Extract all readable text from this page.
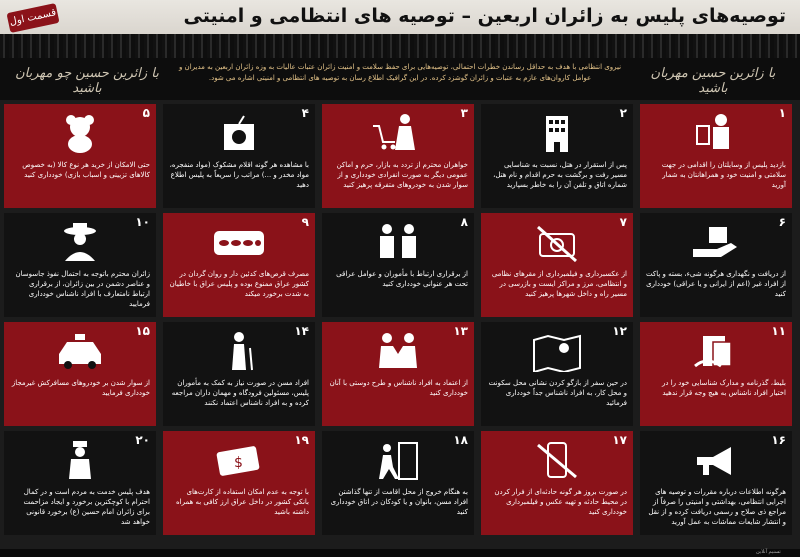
قسمت اول	توصیه‌های پلیس به زائران اربعین – توصیه های انتظامی و امنیتی
با زائرین حسین چو مهربان باشید
نیروی انتظامی با هدف به حداقل رساندن خطرات احتمالی، توصیه‌هایی برای حفظ سلامت و امنیت زائران عتبات عالیات به وزه زائران اربعین به مدیران و عوامل کاروان‌های عازم به عتبات و زائران گوشزد کرده. در این گرافیک اطلاع رسان به توصیه های انتظامی و امنیتی اشاره می شود.	با زائرین حسین مهربان باشید
۱
بازدید پلیس از وسایلتان را اقدامی در جهت سلامتی و امنیت خود و همراهانتان به شمار آورید
۲
پس از استقرار در هتل، نسبت به شناسایی مسیر رفت و برگشت به حرم اقدام و نام هتل، شماره اتاق و تلفن آن را به خاطر بسپارید
۳
خواهران محترم از تردد به بازار، حرم و اماکن عمومی دیگر به صورت انفرادی خودداری و از سوار شدن به خودروهای متفرقه پرهیز کنید
۴
با مشاهده هر گونه اقلام مشکوک (مواد منفجره، مواد مخدر و ...) مراتب را سریعاً به پلیس اطلاع دهید
۵
حتی الامکان از خرید هر نوع کالا (به خصوص کالاهای تزیینی و اسباب بازی) خودداری کنید
۱۰
زائران محترم باتوجه به احتمال نفوذ جاسوسان و عناصر دشمن در بین زائران، از برقراری ارتباط نامتعارف با افراد ناشناس خودداری فرمایید
۹
مصرف قرص‌های کدئین دار و روان گردان در کشور عراق ممنوع بوده و پلیس عراق با خاطیان به شدت برخورد میکند
۸
از برقراری ارتباط با مأموران و عوامل عراقی تحت هر عنوانی خودداری کنید
۷
از عکسبرداری و فیلمبرداری از مقرهای نظامی و انتظامی، مرز و مراکز ایست و بازرسی در مسیر راه و داخل شهرها پرهیز کنید
۶
از دریافت و نگهداری هرگونه شیء، بسته و پاکت از افراد غیر (اعم از ایرانی و یا عراقی) خودداری کنید
۱۱
بلیط، گذرنامه و مدارک شناسایی خود را در اختیار افراد ناشناس به هیچ وجه قرار ندهید
۱۲
در حین سفر از بازگو کردن نشانی محل سکونت و محل کار، به افراد ناشناس جداً خودداری فرمائید
۱۳
از اعتماد به افراد ناشناس و طرح دوستی با آنان خودداری کنید
۱۴
افراد مسن در صورت نیاز به کمک به مأموران پلیس، مسئولین فرودگاه و مهمان داران مراجعه کرده و به افراد ناشناس اعتماد نکنند
۱۵
از سوار شدن بر خودروهای مسافرکش غیرمجاز خودداری فرمایید
۲۰
هدف پلیس خدمت به مردم است و در کمال احترام با کوچکترین برخورد و ایجاد مزاحمت برای زائران امام حسین (ع) برخورد قانونی خواهد شد
۱۹
$
با توجه به عدم امکان استفاده از کارت‌های بانکی کشور در داخل عراق ارز کافی به همراه داشته باشید
۱۸
به هنگام خروج از محل اقامت از تنها گذاشتن افراد مسن، بانوان و یا کودکان در اتاق خودداری کنید
۱۷
در صورت بروز هر گونه حادثه‌ای از فرار کردن در محیط حادثه و تهیه عکس و فیلمبرداری خودداری کنید
۱۶
هرگونه اطلاعات درباره مقررات و توصیه های اجرایی انتظامی، بهداشتی و امنیتی را صرفاً از مراجع ذی صلاح و رسمی دریافت کرده و از نقل و انتشار شایعات مماشات به عمل آورید
تسنیم آنلاین
